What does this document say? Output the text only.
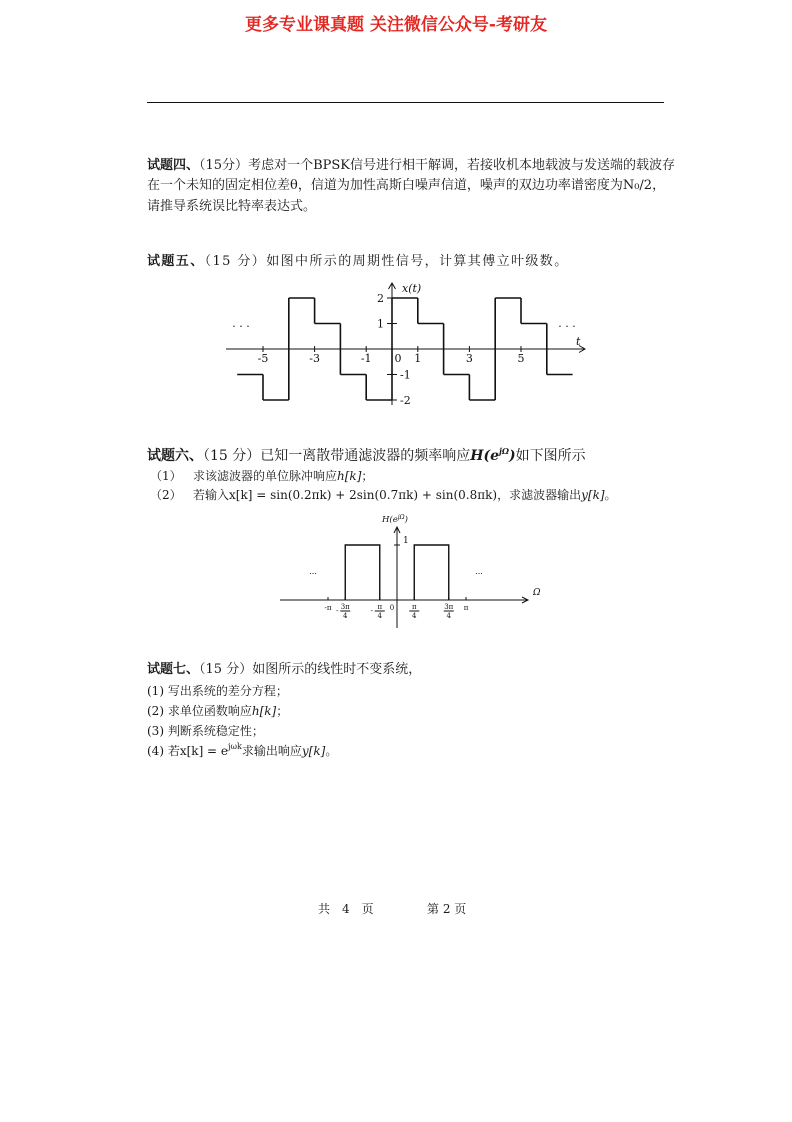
更多专业课真题 关注微信公众号-考研友
试题四、（15分）考虑对一个BPSK信号进行相干解调，若接收机本地载波与发送端的载波存
在一个未知的固定相位差θ，信道为加性高斯白噪声信道，噪声的双边功率谱密度为N₀/2，
请推导系统误比特率表达式。
试题五、（15 分）如图中所示的周期性信号，计算其傅立叶级数。
x(t)
t
· · ·	· · ·
-5	-3	-1 0 1	3	5
2
1
-1
-2
试题六、（15 分）已知一离散带通滤波器的频率响应$H(e^{j\Omega})$如下图所示
（1） 求该滤波器的单位脉冲响应h[k]；
（2） 若输入x[k] = sin(0.2πk) + 2sin(0.7πk) + sin(0.8πk)，求滤波器输出y[k]。
$H(e^{j\Omega})$
Ω
...	...
1
-π - 3π
4
- π
4
0	π
4
3π
4
π
试题七、（15 分）如图所示的线性时不变系统，
(1) 写出系统的差分方程；
(2) 求单位函数响应h[k]；
(3) 判断系统稳定性；
(4) 若$x[k] = e^{j\omega k}$求输出响应y[k]。
共　4　页	第 2 页
